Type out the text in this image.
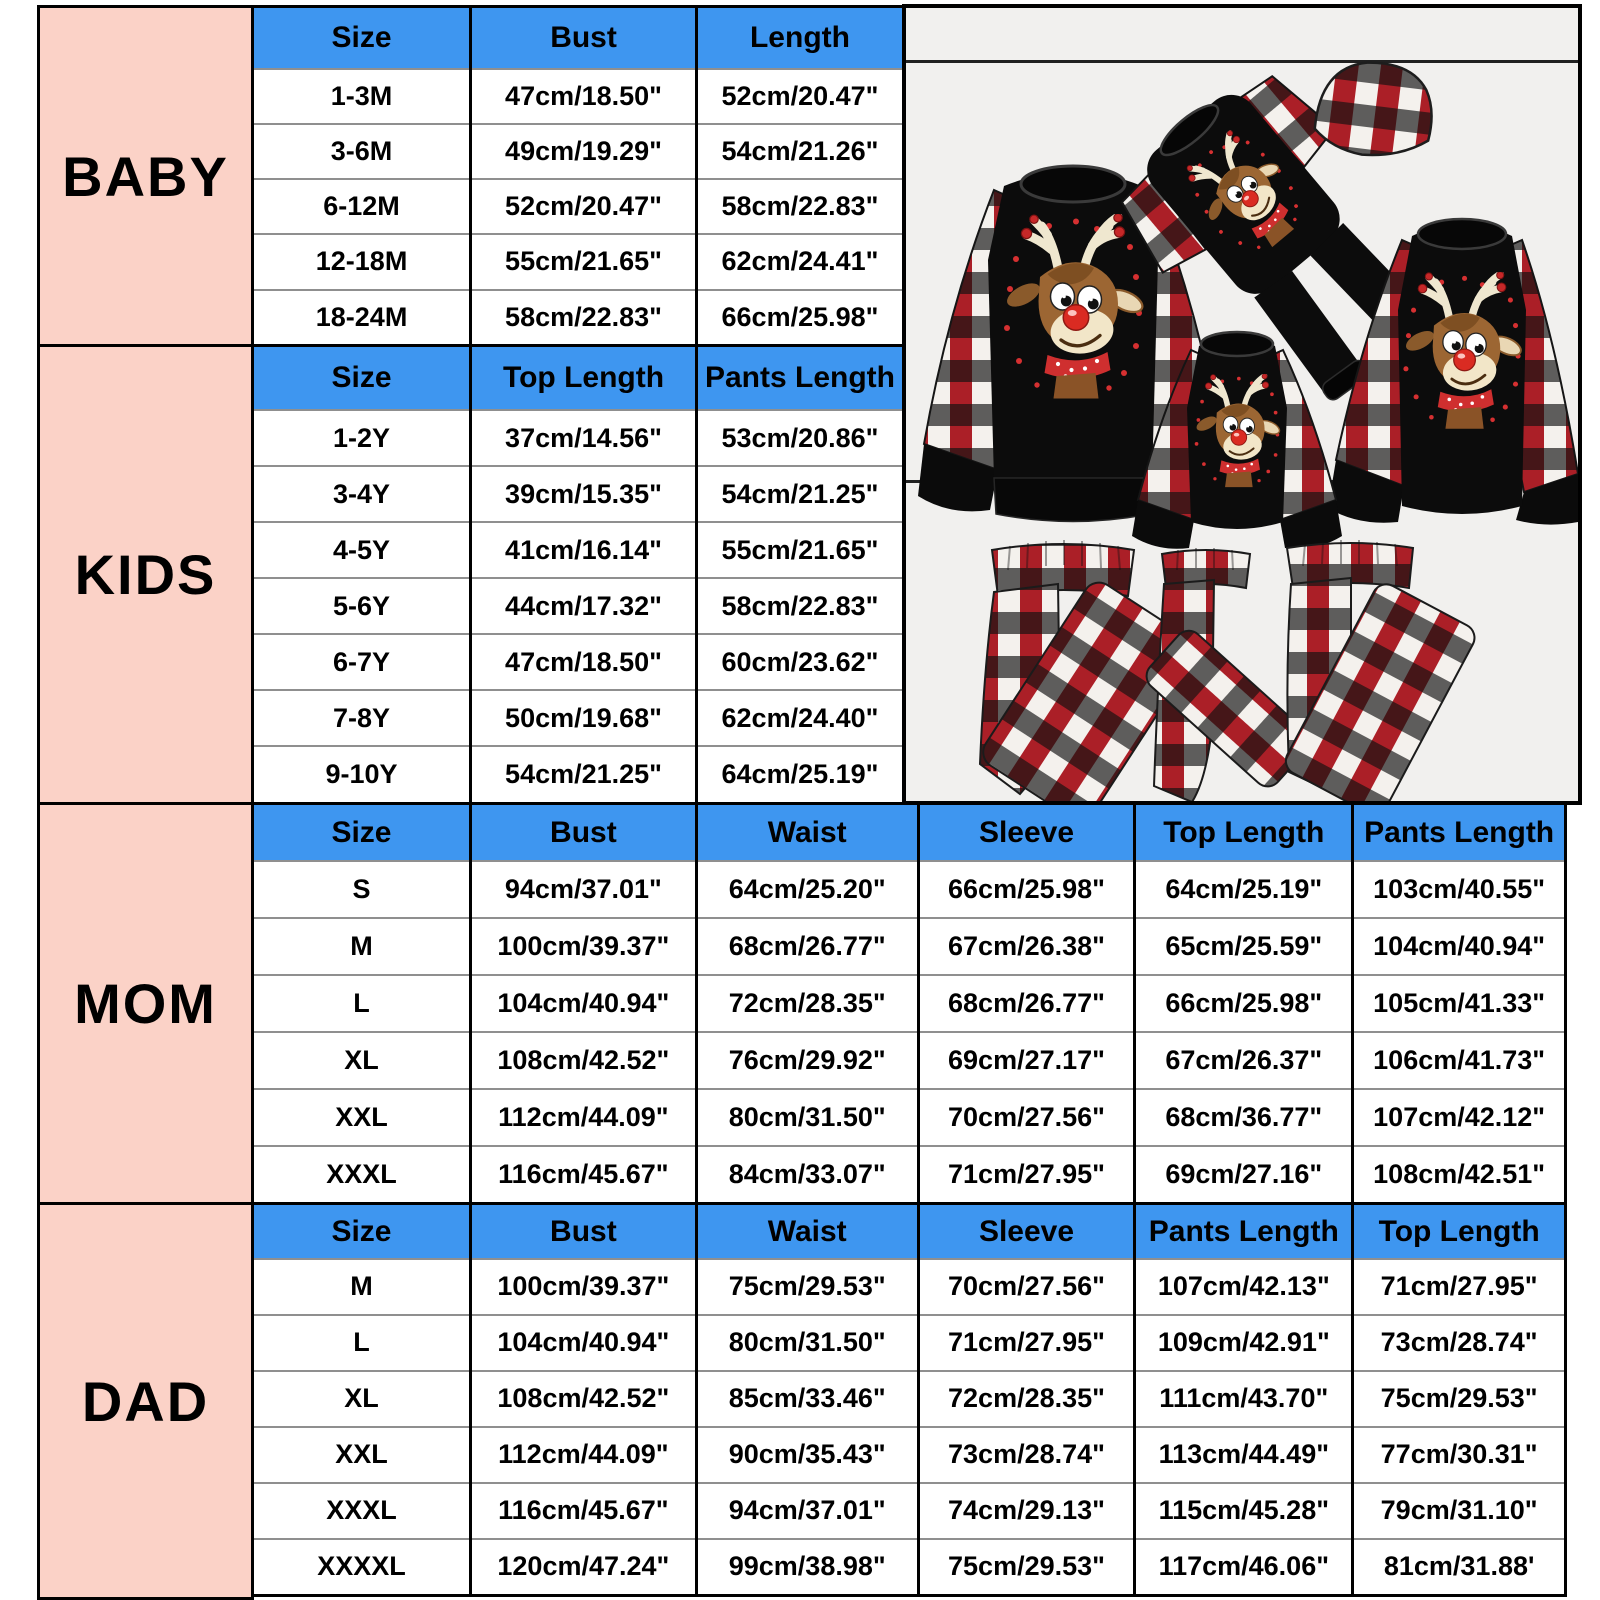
BABY
KIDS
MOM
DAD
Size	Bust	Length
1-3M	47cm/18.50"	52cm/20.47"
3-6M	49cm/19.29"	54cm/21.26"
6-12M	52cm/20.47"	58cm/22.83"
12-18M	55cm/21.65"	62cm/24.41"
18-24M	58cm/22.83"	66cm/25.98"
Size	Top Length	Pants Length
1-2Y	37cm/14.56"	53cm/20.86"
3-4Y	39cm/15.35"	54cm/21.25"
4-5Y	41cm/16.14"	55cm/21.65"
5-6Y	44cm/17.32"	58cm/22.83"
6-7Y	47cm/18.50"	60cm/23.62"
7-8Y	50cm/19.68"	62cm/24.40"
9-10Y	54cm/21.25"	64cm/25.19"
Size	Bust	Waist	Sleeve	Top Length	Pants Length
S	94cm/37.01"	64cm/25.20"	66cm/25.98"	64cm/25.19"	103cm/40.55"
M	100cm/39.37"	68cm/26.77"	67cm/26.38"	65cm/25.59"	104cm/40.94"
L	104cm/40.94"	72cm/28.35"	68cm/26.77"	66cm/25.98"	105cm/41.33"
XL	108cm/42.52"	76cm/29.92"	69cm/27.17"	67cm/26.37"	106cm/41.73"
XXL	112cm/44.09"	80cm/31.50"	70cm/27.56"	68cm/36.77"	107cm/42.12"
XXXL	116cm/45.67"	84cm/33.07"	71cm/27.95"	69cm/27.16"	108cm/42.51"
Size	Bust	Waist	Sleeve	Pants Length	Top Length
M	100cm/39.37"	75cm/29.53"	70cm/27.56"	107cm/42.13"	71cm/27.95"
L	104cm/40.94"	80cm/31.50"	71cm/27.95"	109cm/42.91"	73cm/28.74"
XL	108cm/42.52"	85cm/33.46"	72cm/28.35"	111cm/43.70"	75cm/29.53"
XXL	112cm/44.09"	90cm/35.43"	73cm/28.74"	113cm/44.49"	77cm/30.31"
XXXL	116cm/45.67"	94cm/37.01"	74cm/29.13"	115cm/45.28"	79cm/31.10"
XXXXL	120cm/47.24"	99cm/38.98"	75cm/29.53"	117cm/46.06"	81cm/31.88'
